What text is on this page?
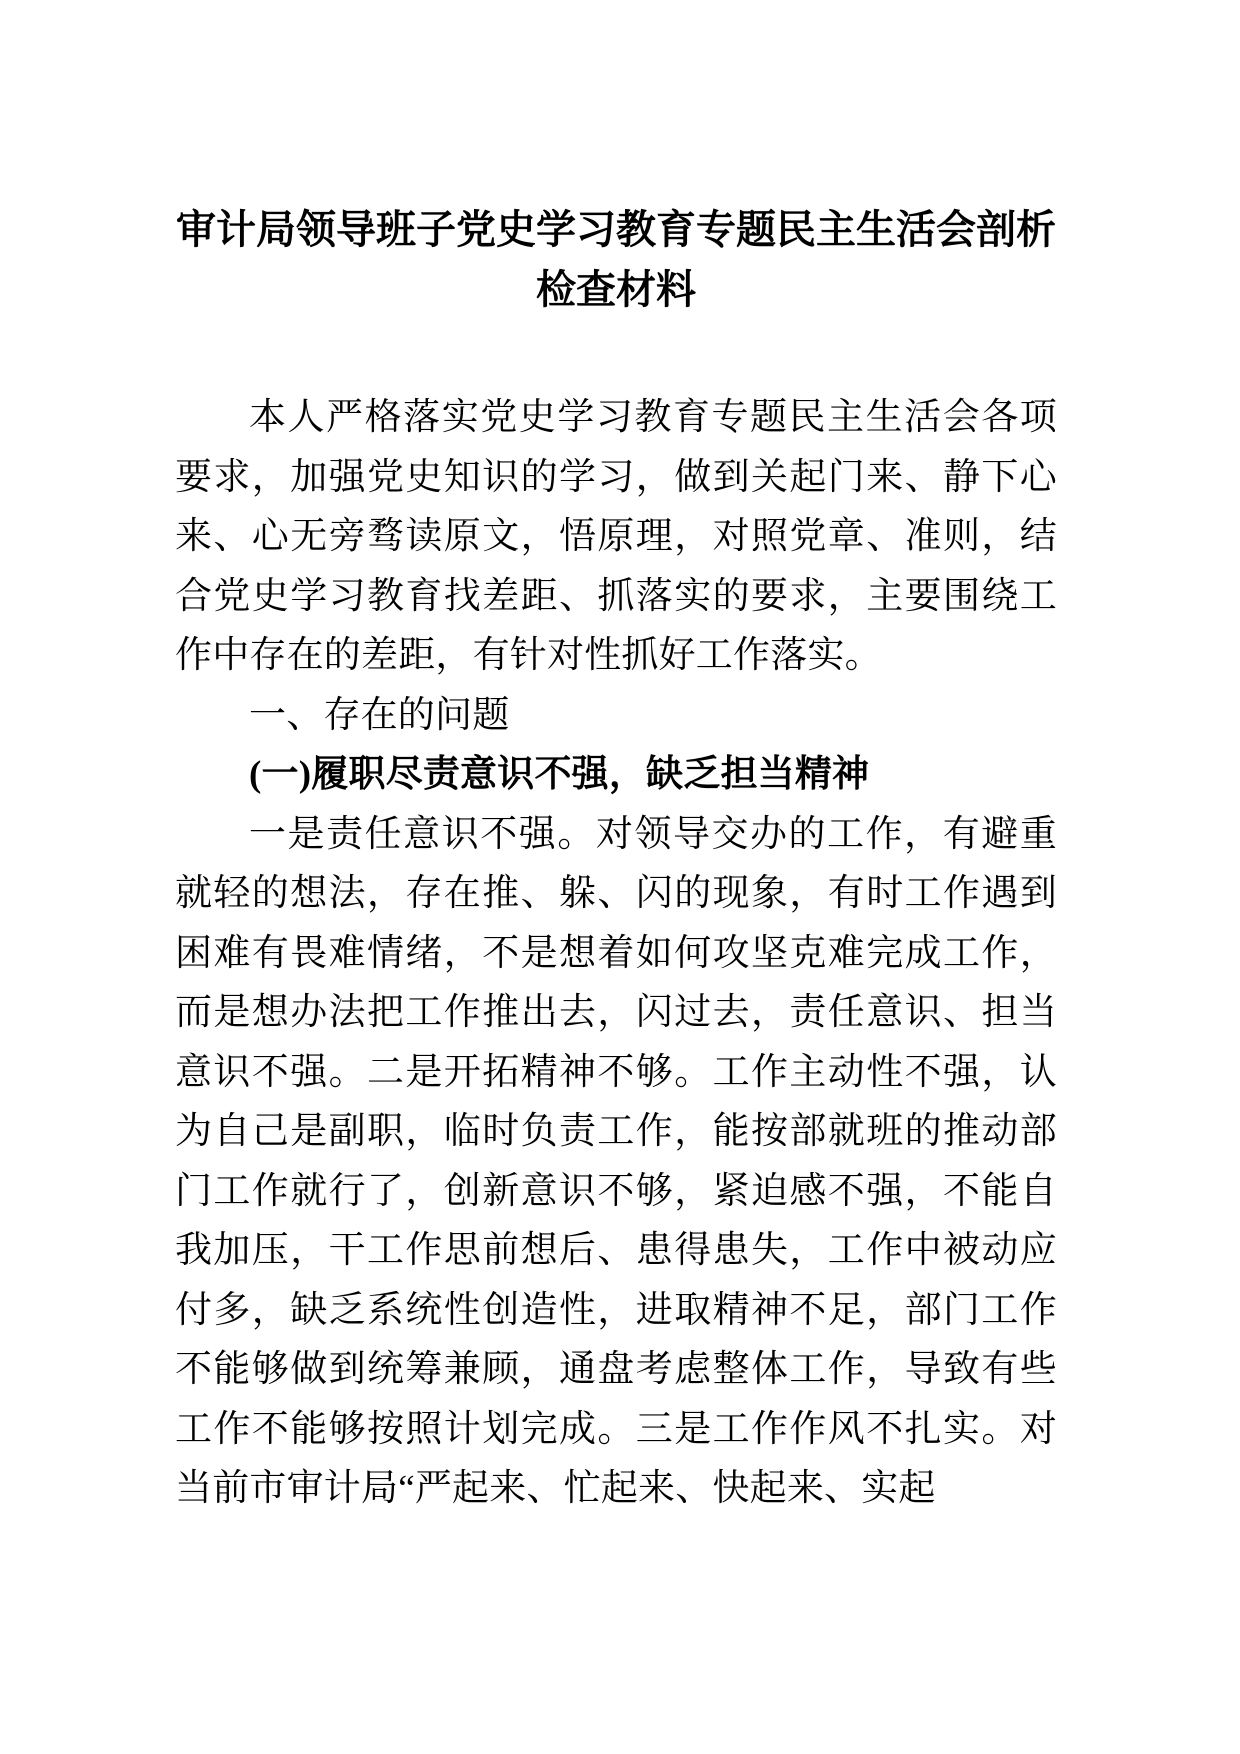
审计局领导班子党史学习教育专题民主生活会剖析检查材料

本人严格落实党史学习教育专题民主生活会各项要求，加强党史知识的学习，做到关起门来、静下心来、心无旁骛读原文，悟原理，对照党章、准则，结合党史学习教育找差距、抓落实的要求，主要围绕工作中存在的差距，有针对性抓好工作落实。

一、存在的问题

(一)履职尽责意识不强，缺乏担当精神

一是责任意识不强。对领导交办的工作，有避重就轻的想法，存在推、躲、闪的现象，有时工作遇到困难有畏难情绪，不是想着如何攻坚克难完成工作，而是想办法把工作推出去，闪过去，责任意识、担当意识不强。二是开拓精神不够。工作主动性不强，认为自己是副职，临时负责工作，能按部就班的推动部门工作就行了，创新意识不够，紧迫感不强，不能自我加压，干工作思前想后、患得患失，工作中被动应付多，缺乏系统性创造性，进取精神不足，部门工作不能够做到统筹兼顾，通盘考虑整体工作，导致有些工作不能够按照计划完成。三是工作作风不扎实。对当前市审计局“严起来、忙起来、快起来、实起
